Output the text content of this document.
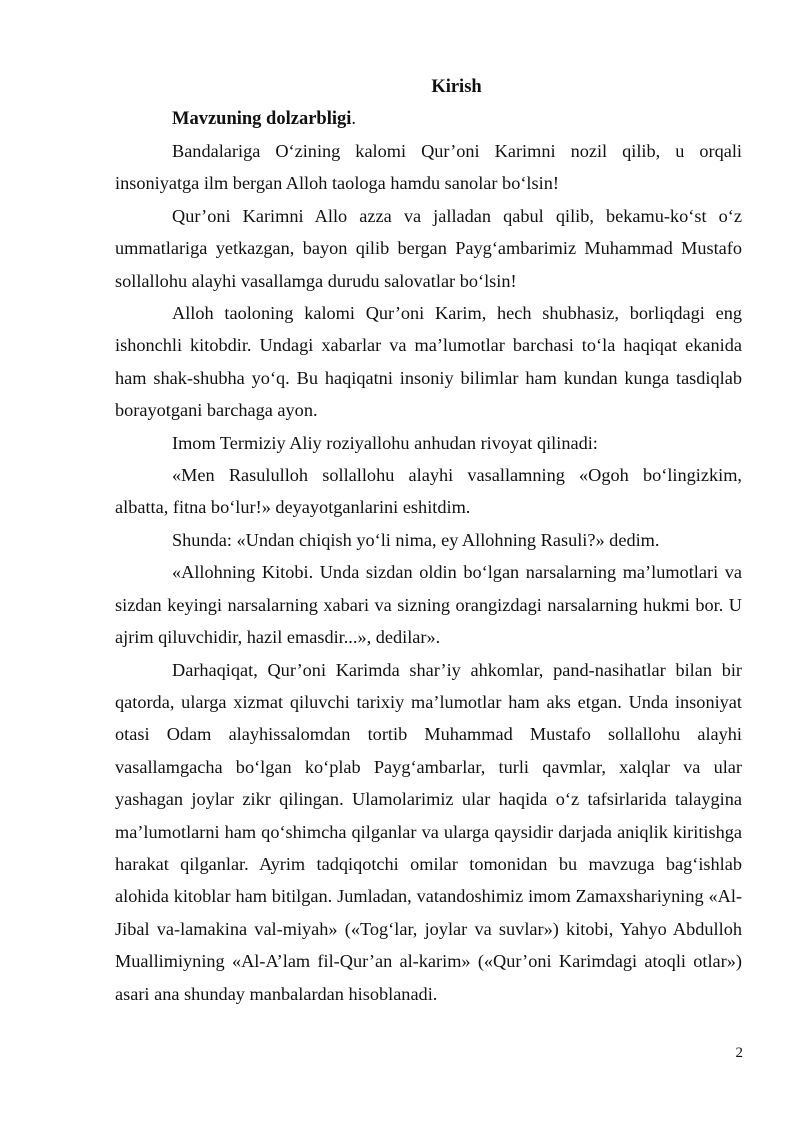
Kirish
Mavzuning dolzarbligi.

Bandalariga O‘zining kalomi Qur’oni Karimni nozil qilib, u orqali insoniyatga ilm bergan Alloh taologa hamdu sanolar bo‘lsin!

Qur’oni Karimni Allo azza va jalladan qabul qilib, bekamu-ko‘st o‘z ummatlariga yetkazgan, bayon qilib bergan Payg‘ambarimiz Muhammad Mustafo sollallohu alayhi vasallamga durudu salovatlar bo‘lsin!

Alloh taoloning kalomi Qur’oni Karim, hech shubhasiz, borliqdagi eng ishonchli kitobdir. Undagi xabarlar va ma’lumotlar barchasi to‘la haqiqat ekanida ham shak-shubha yo‘q. Bu haqiqatni insoniy bilimlar ham kundan kunga tasdiqlab borayotgani barchaga ayon.

Imom Termiziy Aliy roziyallohu anhudan rivoyat qilinadi:

«Men Rasululloh sollallohu alayhi vasallamning «Ogoh bo‘lingizkim, albatta, fitna bo‘lur!» deyayotganlarini eshitdim.

Shunda: «Undan chiqish yo‘li nima, ey Allohning Rasuli?» dedim.

«Allohning Kitobi. Unda sizdan oldin bo‘lgan narsalarning ma’lumotlari va sizdan keyingi narsalarning xabari va sizning orangizdagi narsalarning hukmi bor. U ajrim qiluvchidir, hazil emasdir...», dedilar».

Darhaqiqat, Qur’oni Karimda shar’iy ahkomlar, pand-nasihatlar bilan bir qatorda, ularga xizmat qiluvchi tarixiy ma’lumotlar ham aks etgan. Unda insoniyat otasi Odam alayhissalomdan tortib Muhammad Mustafo sollallohu alayhi vasallamgacha bo‘lgan ko‘plab Payg‘ambarlar, turli qavmlar, xalqlar va ular yashagan joylar zikr qilingan. Ulamolarimiz ular haqida o‘z tafsirlarida talaygina ma’lumotlarni ham qo‘shimcha qilganlar va ularga qaysidir darjada aniqlik kiritishga harakat qilganlar. Ayrim tadqiqotchi omilar tomonidan bu mavzuga bag‘ishlab alohida kitoblar ham bitilgan. Jumladan, vatandoshimiz imom Zamaxshariyning «Al-Jibal va-lamakina val-miyah» («Tog‘lar, joylar va suvlar») kitobi, Yahyo Abdulloh Muallimiyning «Al-A’lam fil-Qur’an al-karim» («Qur’oni Karimdagi atoqli otlar») asari ana shunday manbalardan hisoblanadi.

2
